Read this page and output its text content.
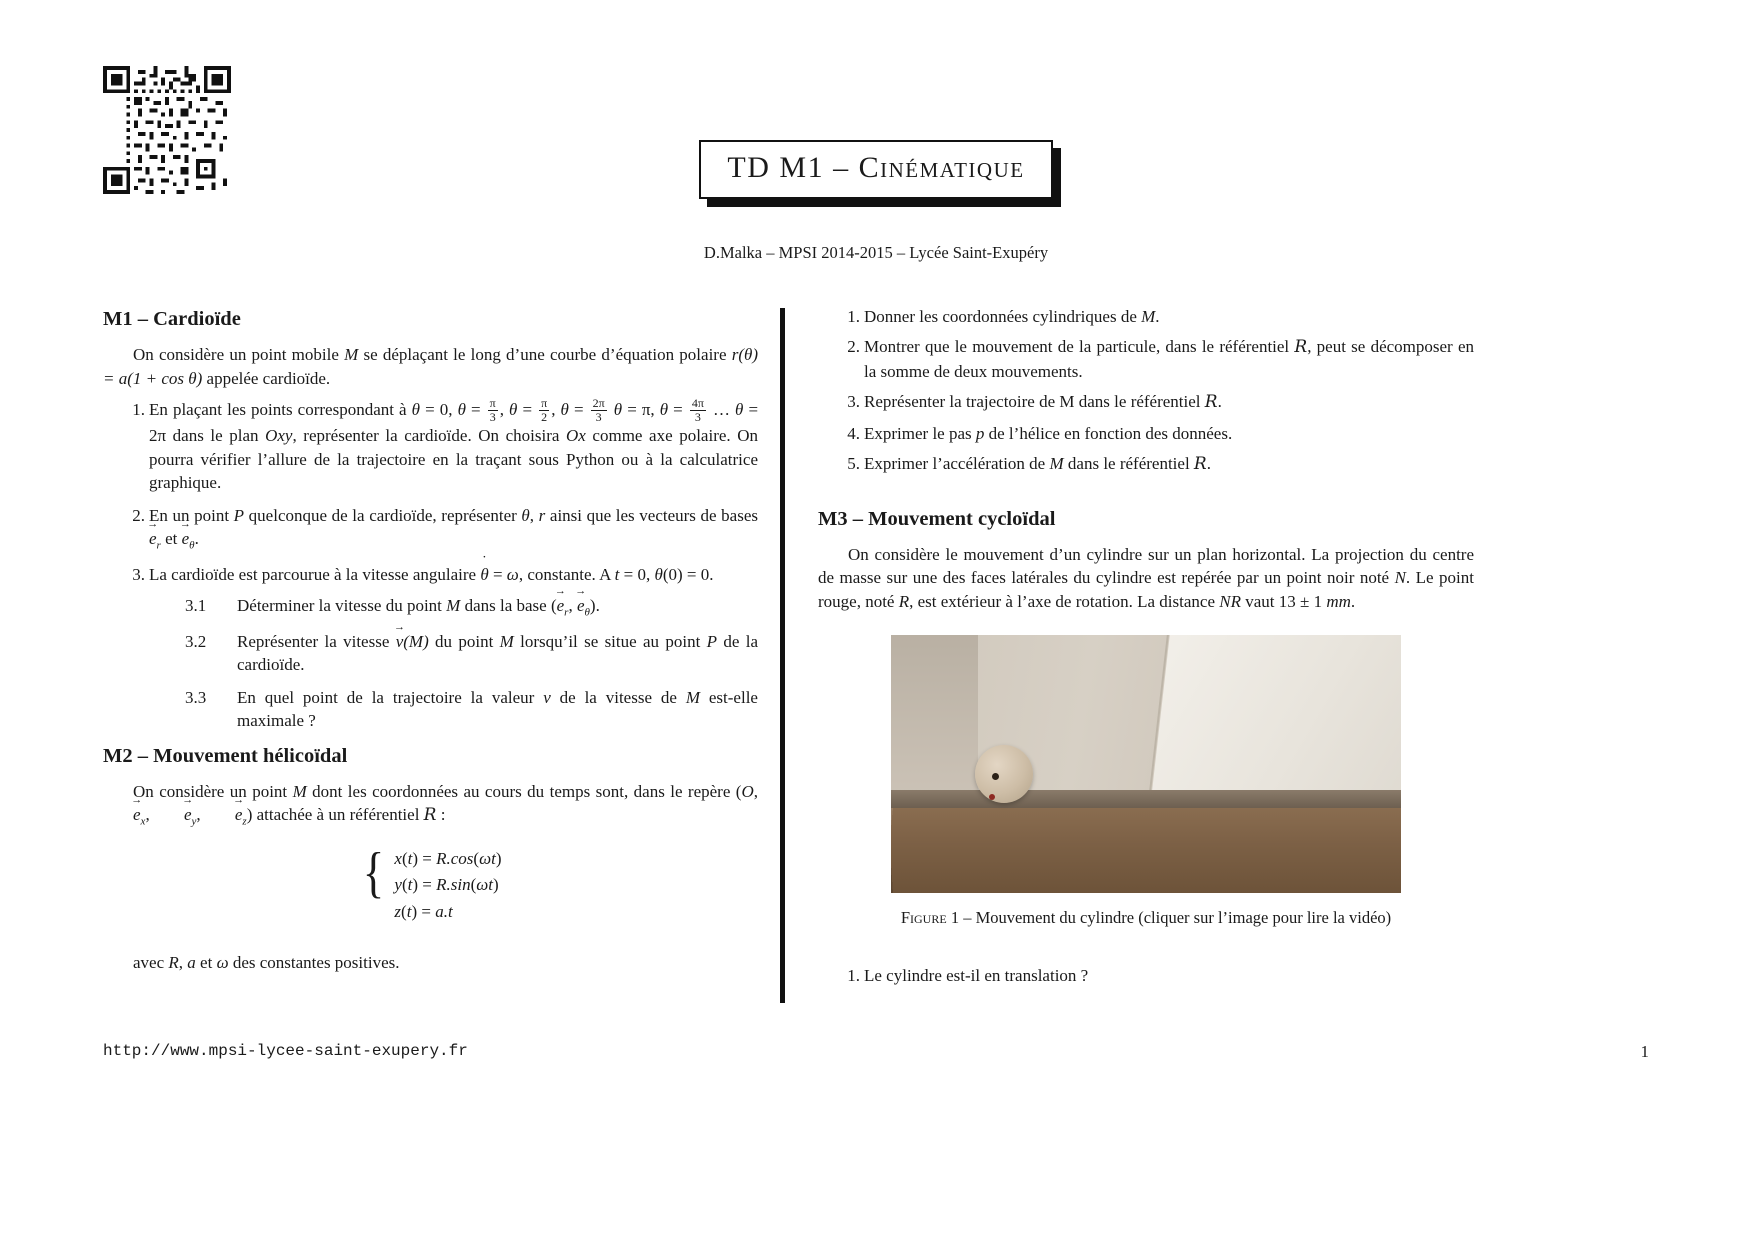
TD M1 – Cinématique
D.Malka – MPSI 2014-2015 – Lycée Saint-Exupéry
M1 – Cardioïde

On considère un point mobile M se déplaçant le long d’une courbe d’équation polaire r(θ) = a(1 + cos θ) appelée cardioïde.

En plaçant les points correspondant à θ = 0, $\theta = \frac{\pi}{3}$ , $\theta = \frac{\pi}{2}$ , $\theta = \frac{2\pi}{3}$ θ = π, $\theta = \frac{4\pi}{3}$ … θ = 2π dans le plan Oxy, représenter la cardioïde. On choisira Ox comme axe polaire. On pourra vérifier l’allure de la trajectoire en la traçant sous Python ou à la calculatrice graphique.
En un point P quelconque de la cardioïde, représenter θ, r ainsi que les vecteurs de bases $e \to_r$ et $e \to_\theta$.
La cardioïde est parcourue à la vitesse angulaire θ ˙ = ω, constante. A t = 0, θ(0) = 0.
Déterminer la vitesse du point M dans la base ($e \to_r$, $e \to_\theta$).
Représenter la vitesse v →(M) du point M lorsqu’il se situe au point P de la cardioïde.
En quel point de la trajectoire la valeur v de la vitesse de M est-elle maximale ?
M2 – Mouvement hélicoïdal

On considère un point M dont les coordonnées au cours du temps sont, dans le repère (O, $e \to_x$, $e \to_y$, $e \to_z$) attachée à un référentiel R :

{ x(t) = R.cos(ωt)
y(t) = R.sin(ωt)
z(t) = a.t

avec R, a et ω des constantes positives.

Donner les coordonnées cylindriques de M.
Montrer que le mouvement de la particule, dans le référentiel R, peut se décomposer en la somme de deux mouvements.
Représenter la trajectoire de M dans le référentiel R.
Exprimer le pas p de l’hélice en fonction des données.
Exprimer l’accélération de M dans le référentiel R.
M3 – Mouvement cycloïdal

On considère le mouvement d’un cylindre sur un plan horizontal. La projection du centre de masse sur une des faces latérales du cylindre est repérée par un point noir noté N. Le point rouge, noté R, est extérieur à l’axe de rotation. La distance NR vaut 13 ± 1 mm.

Figure 1 – Mouvement du cylindre (cliquer sur l’image pour lire la vidéo)
Le cylindre est-il en translation ?
http://www.mpsi-lycee-saint-exupery.fr	1
